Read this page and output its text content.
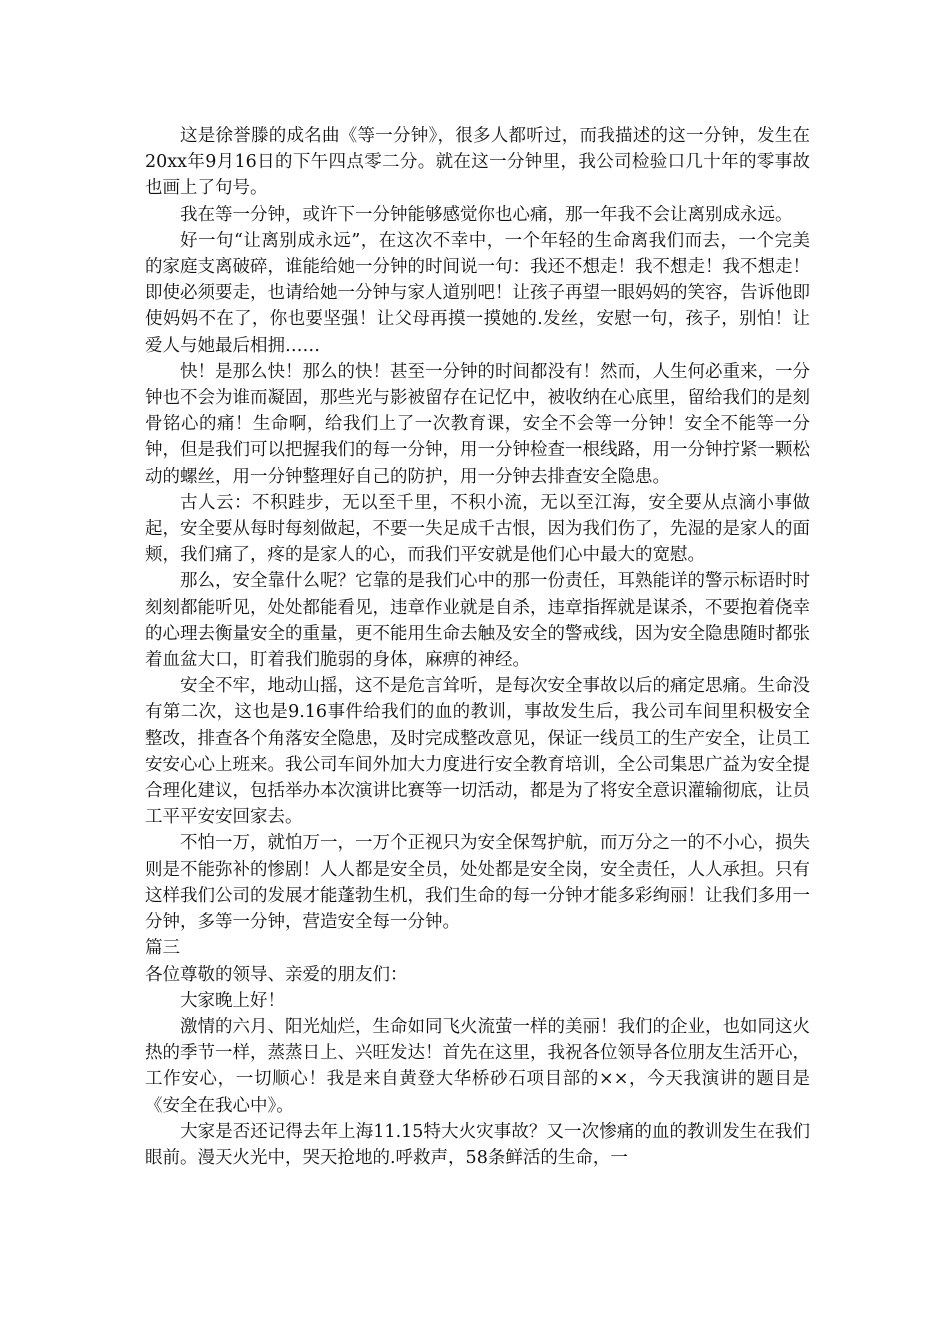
这是徐誉滕的成名曲《等一分钟》，很多人都听过，而我描述的这一分钟，发生在20xx年9月16日的下午四点零二分。就在这一分钟里，我公司检验口几十年的零事故也画上了句号。

我在等一分钟，或许下一分钟能够感觉你也心痛，那一年我不会让离别成永远。

好一句“让离别成永远”，在这次不幸中，一个年轻的生命离我们而去，一个完美的家庭支离破碎，谁能给她一分钟的时间说一句：我还不想走！我不想走！我不想走！即使必须要走，也请给她一分钟与家人道别吧！让孩子再望一眼妈妈的笑容，告诉他即使妈妈不在了，你也要坚强！让父母再摸一摸她的.发丝，安慰一句，孩子，别怕！让爱人与她最后相拥……

快！是那么快！那么的快！甚至一分钟的时间都没有！然而，人生何必重来，一分钟也不会为谁而凝固，那些光与影被留存在记忆中，被收纳在心底里，留给我们的是刻骨铭心的痛！生命啊，给我们上了一次教育课，安全不会等一分钟！安全不能等一分钟，但是我们可以把握我们的每一分钟，用一分钟检查一根线路，用一分钟拧紧一颗松动的螺丝，用一分钟整理好自己的防护，用一分钟去排查安全隐患。

古人云：不积跬步，无以至千里，不积小流，无以至江海，安全要从点滴小事做起，安全要从每时每刻做起，不要一失足成千古恨，因为我们伤了，先湿的是家人的面颊，我们痛了，疼的是家人的心，而我们平安就是他们心中最大的宽慰。

那么，安全靠什么呢？它靠的是我们心中的那一份责任，耳熟能详的警示标语时时刻刻都能听见，处处都能看见，违章作业就是自杀，违章指挥就是谋杀，不要抱着侥幸的心理去衡量安全的重量，更不能用生命去触及安全的警戒线，因为安全隐患随时都张着血盆大口，盯着我们脆弱的身体，麻痹的神经。

安全不牢，地动山摇，这不是危言耸听，是每次安全事故以后的痛定思痛。生命没有第二次，这也是9.16事件给我们的血的教训，事故发生后，我公司车间里积极安全整改，排查各个角落安全隐患，及时完成整改意见，保证一线员工的生产安全，让员工安安心心上班来。我公司车间外加大力度进行安全教育培训，全公司集思广益为安全提合理化建议，包括举办本次演讲比赛等一切活动，都是为了将安全意识灌输彻底，让员工平平安安回家去。

不怕一万，就怕万一，一万个正视只为安全保驾护航，而万分之一的不小心，损失则是不能弥补的惨剧！人人都是安全员，处处都是安全岗，安全责任，人人承担。只有这样我们公司的发展才能蓬勃生机，我们生命的每一分钟才能多彩绚丽！让我们多用一分钟，多等一分钟，营造安全每一分钟。

篇三

各位尊敬的领导、亲爱的朋友们：

大家晚上好！

激情的六月、阳光灿烂，生命如同飞火流萤一样的美丽！我们的企业，也如同这火热的季节一样，蒸蒸日上、兴旺发达！首先在这里，我祝各位领导各位朋友生活开心，工作安心，一切顺心！我是来自黄登大华桥砂石项目部的××，今天我演讲的题目是《安全在我心中》。

大家是否还记得去年上海11.15特大火灾事故？又一次惨痛的血的教训发生在我们眼前。漫天火光中，哭天抢地的.呼救声，58条鲜活的生命，一
